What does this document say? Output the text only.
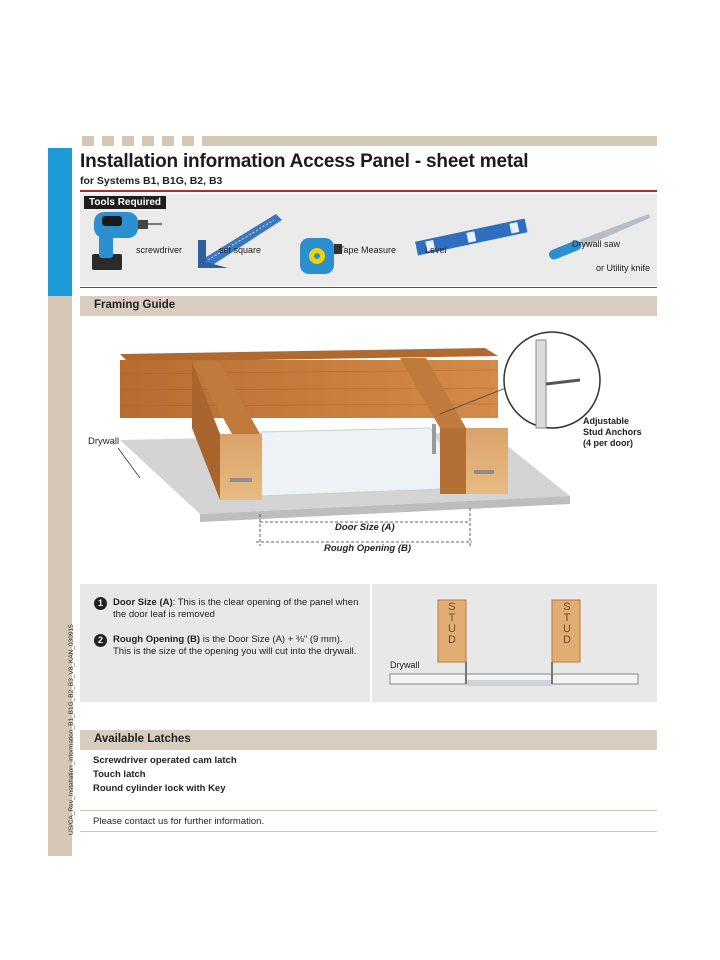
US/CA_Rev_Installation_information_B1_B1G_B2_B3_V8_KAN_030915
Installation information Access Panel - sheet metal
for Systems B1, B1G, B2, B3
Tools Required
screwdriver	set square	Tape Measure	Level
Drywall saw
or Utility knife
Framing Guide
Drywall
Adjustable
Stud Anchors
(4 per door)
Door Size (A)
Rough Opening (B)
1	Door Size (A): This is the clear opening of the panel when the door leaf is removed
2	Rough Opening (B) is the Door Size (A) + ⅜" (9 mm). This is the size of the opening you will cut into the drywall.
S
T
U
D
S
T
U
D
Drywall
Available Latches
Screwdriver operated cam latch
Touch latch
Round cylinder lock with Key
Please contact us for further information.
